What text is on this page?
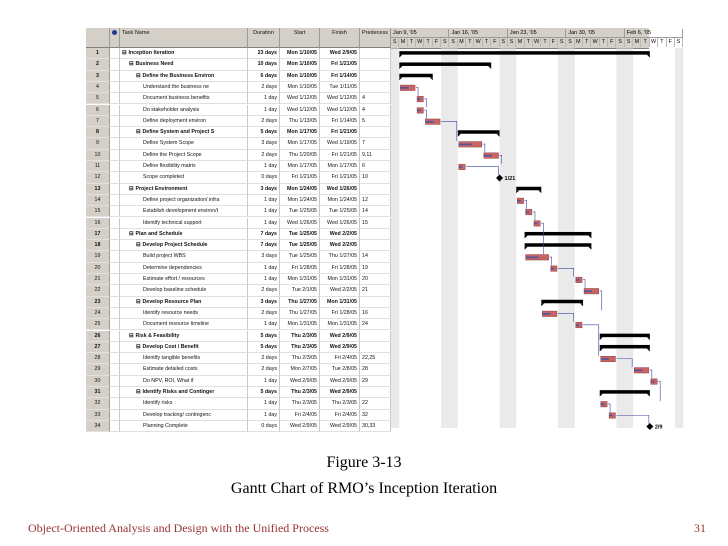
Task Name	Duration	Start	Finish	Predecess Jan 9, '05
S M T W T F S
Jan 16, '05
S M T W T F S
Jan 23, '05
S M T W T F S
Jan 30, '05
S M T W T F S
Feb 6, '05
S M T W T F S
1	⊟ Inception Iteration	23 days	Mon 1/10/05	Wed 2/9/05
2	⊟ Business Need	10 days	Mon 1/10/05	Fri 1/21/05
3	⊟ Define the Business Environ	6 days	Mon 1/10/05	Fri 1/14/05
4	Understand the business ne	2 days	Mon 1/10/05	Tue 1/11/05
5	Document business benefits	1 day	Wed 1/12/05	Wed 1/12/05 4
6	Do stakeholder analysis	1 day	Wed 1/12/05	Wed 1/12/05 4
7	Define deployment environ	2 days	Thu 1/13/05	Fri 1/14/05 5
8	⊟ Define System and Project S	5 days	Mon 1/17/05	Fri 1/21/05
9	Define System Scope	3 days	Mon 1/17/05	Wed 1/19/05 7
10	Define the Project Scope	2 days	Thu 1/20/05	Fri 1/21/05 9,11
11	Define flexibility matrix	1 day	Mon 1/17/05	Mon 1/17/05 6
12	Scope completed	0 days	Fri 1/21/05	Fri 1/21/05 10
13	⊟ Project Environment	3 days	Mon 1/24/05	Wed 1/26/05
14	Define project organization/ infra	1 day	Mon 1/24/05	Mon 1/24/05 12
15	Establish development environ/t	1 day	Tue 1/25/05	Tue 1/25/05 14
16	Identify technical support	1 day	Wed 1/26/05	Wed 1/26/05 15
17	⊟ Plan and Schedule	7 days	Tue 1/25/05	Wed 2/2/05
18	⊟ Develop Project Schedule	7 days	Tue 1/25/05	Wed 2/2/05
19	Build project WBS	3 days	Tue 1/25/05	Thu 1/27/05 14
20	Determine dependencies	1 day	Fri 1/28/05	Fri 1/28/05 19
21	Estimate effort / resources	1 day	Mon 1/31/05	Mon 1/31/05 20
22	Develop baseline schedule	2 days	Tue 2/1/05	Wed 2/2/05 21
23	⊟ Develop Resource Plan	3 days	Thu 1/27/05	Mon 1/31/05
24	Identify resource needs	2 days	Thu 1/27/05	Fri 1/28/05 16
25	Document resource timeline	1 day	Mon 1/31/05	Mon 1/31/05 24
26	⊟ Risk & Feasibility	5 days	Thu 2/3/05	Wed 2/9/05
27	⊟ Develop Cost / Benefit	5 days	Thu 2/3/05	Wed 2/9/05
28	Identify tangible benefits	2 days	Thu 2/3/05	Fri 2/4/05 22,25
29	Estimate detailed costs	2 days	Mon 2/7/05	Tue 2/8/05 28
30	Do NPV, ROI, What if	1 day	Wed 2/9/05	Wed 2/9/05 29
31	⊟ Identify Risks and Continger	5 days	Thu 2/3/05	Wed 2/9/05
32	Identify risks	1 day	Thu 2/3/05	Thu 2/3/05 22
33	Develop tracking/ contingenc	1 day	Fri 2/4/05	Fri 2/4/05 32
34	Planning Complete	0 days	Wed 2/9/05	Wed 2/9/05 30,33
1/21
2/9
Figure 3-13
Gantt Chart of RMO’s Inception Iteration
Object-Oriented Analysis and Design with the Unified Process	31
